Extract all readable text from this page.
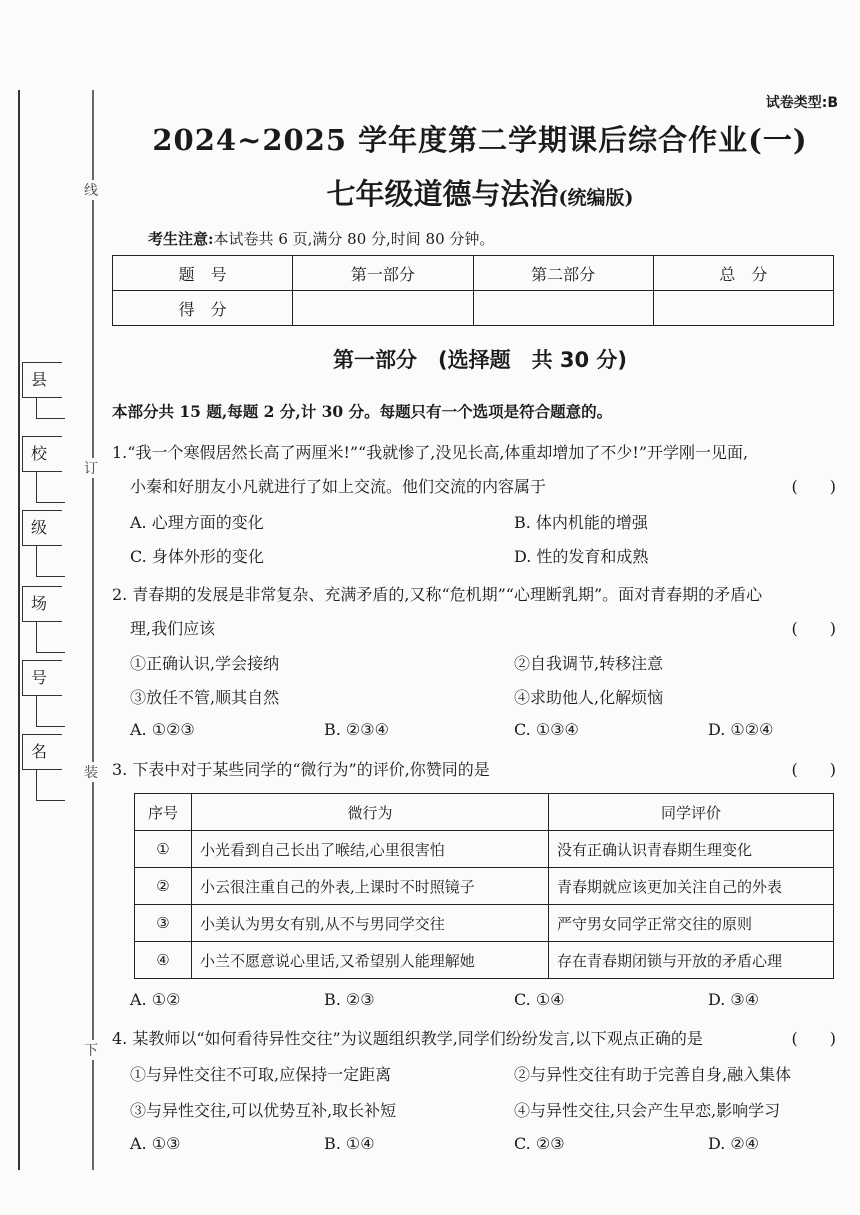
线
订
装
下
县
校
级
场
号
名
试卷类型:B
2024~2025 学年度第二学期课后综合作业(一)
七年级道德与法治(统编版)
考生注意:本试卷共 6 页,满分 80 分,时间 80 分钟。
题　号	第一部分	第二部分	总　分
得　分			
第一部分　(选择题　共 30 分)
本部分共 15 题,每题 2 分,计 30 分。每题只有一个选项是符合题意的。
1.“我一个寒假居然长高了两厘米!”“我就惨了,没见长高,体重却增加了不少!”开学刚一见面,
小秦和好朋友小凡就进行了如上交流。他们交流的内容属于	(　　)
A. 心理方面的变化	B. 体内机能的增强
C. 身体外形的变化	D. 性的发育和成熟
2. 青春期的发展是非常复杂、充满矛盾的,又称“危机期”“心理断乳期”。面对青春期的矛盾心
理,我们应该	(　　)
①正确认识,学会接纳	②自我调节,转移注意
③放任不管,顺其自然	④求助他人,化解烦恼
A. ①②③	B. ②③④	C. ①③④	D. ①②④
3. 下表中对于某些同学的“微行为”的评价,你赞同的是	(　　)
序号	微行为	同学评价
①	小光看到自己长出了喉结,心里很害怕	没有正确认识青春期生理变化
②	小云很注重自己的外表,上课时不时照镜子	青春期就应该更加关注自己的外表
③	小美认为男女有别,从不与男同学交往	严守男女同学正常交往的原则
④	小兰不愿意说心里话,又希望别人能理解她	存在青春期闭锁与开放的矛盾心理
A. ①②	B. ②③	C. ①④	D. ③④
4. 某教师以“如何看待异性交往”为议题组织教学,同学们纷纷发言,以下观点正确的是	(　　)
①与异性交往不可取,应保持一定距离	②与异性交往有助于完善自身,融入集体
③与异性交往,可以优势互补,取长补短	④与异性交往,只会产生早恋,影响学习
A. ①③	B. ①④	C. ②③	D. ②④
